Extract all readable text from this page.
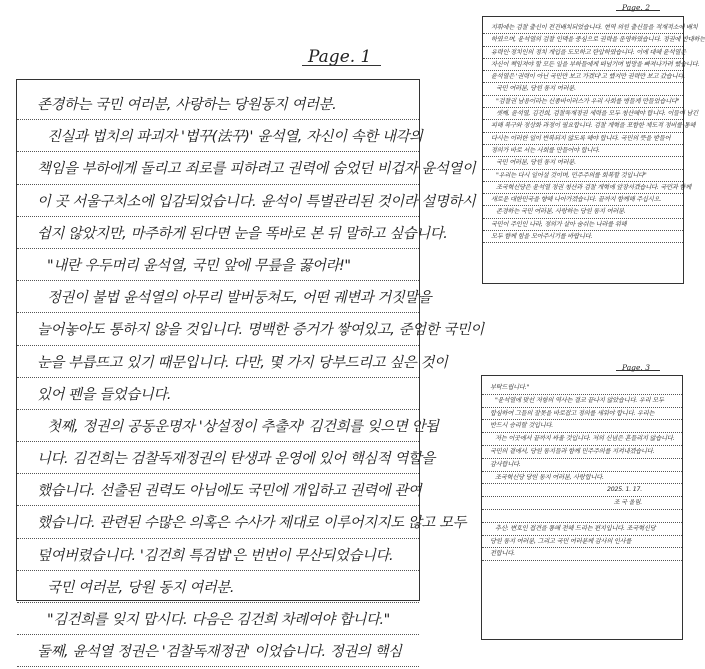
Page. 1
존경하는 국민 여러분, 사랑하는 당원동지 여러분.
진실과 법치의 파괴자 '법꾸(法꾸)' 윤석열, 자신이 속한 내각의
책임을 부하에게 돌리고 죄로를 피하려고 권력에 숨었던 비겁자 윤석열이
이 곳 서울구치소에 입감되었습니다. 윤석이 특별관리된 것이라 설명하시
쉽지 않았지만, 마주하게 된다면 눈을 똑바로 본 뒤 말하고 싶습니다.
"내란 우두머리 윤석열, 국민 앞에 무릎을 꿇어라!"
정권이 불법 윤석열의 아무리 발버둥쳐도, 어떤 궤변과 거짓말을
늘어놓아도 통하지 않을 것입니다. 명백한 증거가 쌓여있고, 준엄한 국민이
눈을 부릅뜨고 있기 때문입니다. 다만, 몇 가지 당부드리고 싶은 것이
있어 펜을 들었습니다.
첫째, 정권의 공동운명자 '상설정이 추출자' 김건희를 잊으면 안됩
니다. 김건희는 검찰독재정권의 탄생과 운영에 있어 핵심적 역할을
했습니다. 선출된 권력도 아님에도 국민에 개입하고 권력에 관여
했습니다. 관련된 수많은 의혹은 수사가 제대로 이루어지지도 않고 모두
덮여버렸습니다. '김건희 특검법'은 번번이 무산되었습니다.
국민 여러분, 당원 동지 여러분.
"김건희를 잊지 맙시다. 다음은 김건희 차례여야 합니다."
둘째, 윤석열 정권은 '검찰독재정권' 이었습니다. 정권의 핵심
Page. 2
지휘에는 검찰 출신이 전진배치되었습니다. 현역 의원 출신들을 적재적소에 배치
하였으며, 윤석열의 검찰 인맥을 중심으로 권력을 운영하였습니다. 정권에 반대하는
유력인·정치인의 정치 개입을 도모하고 탄압하였습니다. 이에 대해 윤석열은
자신이 책임져야 할 모든 일을 부하들에게 떠넘기며 법망을 빠져나가려 했습니다.
윤석열은 '권력이 아닌 국민만 보고 가겠다'고 했지만 권력만 보고 갔습니다.
국민 여러분, 당원 동지 여러분.
"검찰권 남용이라는 신종바이러스가 우리 사회를 병들게 만들었습니다"
셋째, 윤석열, 김건희, 검찰독재정권 세력을 모두 청산해야 합니다. 이들이 남긴
피해 복구와 정상화 과정이 필요합니다. 검찰 개혁을 포함한 제도적 정비를 통해
다시는 이러한 일이 반복되지 않도록 해야 합니다. 국민의 뜻을 받들어
정의가 바로 서는 사회를 만들어야 합니다.
국민 여러분, 당원 동지 여러분.
"우리는 다시 일어설 것이며, 민주주의를 회복할 것입니다"
조국혁신당은 윤석열 정권 청산과 검찰 개혁에 앞장서겠습니다. 국민과 함께
새로운 대한민국을 향해 나아가겠습니다. 끝까지 함께해 주십시오.
존경하는 국민 여러분, 사랑하는 당원 동지 여러분.
국민이 주인인 나라, 정의가 살아 숨쉬는 나라를 위해
모두 함께 힘을 모아주시기를 바랍니다.
Page. 3
부탁드립니다."
"윤석열에 맞선 저항의 역사는 결코 끝나지 않았습니다. 우리 모두
합심하여 그들의 잘못을 바로잡고 정의를 세워야 합니다. 우리는
반드시 승리할 것입니다.
저는 이곳에서 끝까지 싸울 것입니다. 저의 신념은 흔들리지 않습니다.
국민의 곁에서, 당원 동지들과 함께 민주주의를 지켜내겠습니다.
감사합니다.
조국혁신당 당원 동지 여러분, 사랑합니다.
2025. 1. 17.
조 국 올림.
추신: 변호인 접견을 통해 전해 드리는 편지입니다. 조국혁신당
당원 동지 여러분, 그리고 국민 여러분께 감사의 인사를
전합니다.
